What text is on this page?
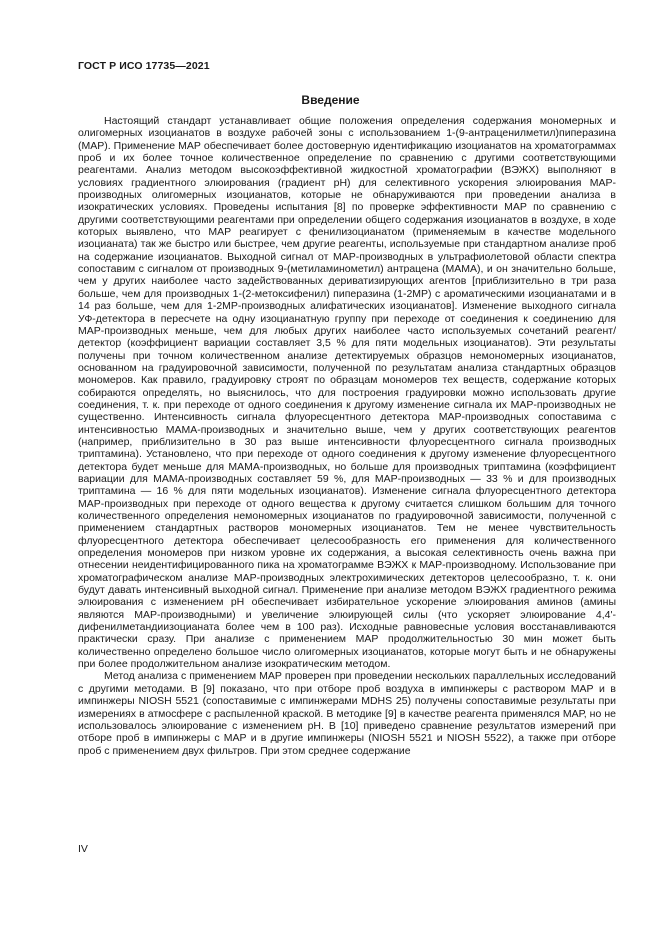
ГОСТ Р ИСО 17735—2021
Введение

Настоящий стандарт устанавливает общие положения определения содержания мономерных и олигомерных изоцианатов в воздухе рабочей зоны с использованием 1-(9-антраценилметил)пиперазина (МАР). Применение МАР обеспечивает более достоверную идентификацию изоцианатов на хроматограммах проб и их более точное количественное определение по сравнению с другими соответствующими реагентами. Анализ методом высокоэффективной жидкостной хроматографии (ВЭЖХ) выполняют в условиях градиентного элюирования (градиент рН) для селективного ускорения элюирования МАР-производных олигомерных изоцианатов, которые не обнаруживаются при проведении анализа в изократических условиях. Проведены испытания [8] по проверке эффективности МАР по сравнению с другими соответствующими реагентами при определении общего содержания изоцианатов в воздухе, в ходе которых выявлено, что МАР реагирует с фенилизоцианатом (применяемым в качестве модельного изоцианата) так же быстро или быстрее, чем другие реагенты, используемые при стандартном анализе проб на содержание изоцианатов. Выходной сигнал от МАР-производных в ультрафиолетовой области спектра сопоставим с сигналом от производных 9-(метиламинометил) антрацена (МАМА), и он значительно больше, чем у других наиболее часто задействованных дериватизирующих агентов [приблизительно в три раза больше, чем для производных 1-(2-метоксифенил) пиперазина (1-2МР) с ароматическими изоцианатами и в 14 раз больше, чем для 1-2МР-производных алифатических изоцианатов]. Изменение выходного сигнала УФ-детектора в пересчете на одну изоцианатную группу при переходе от соединения к соединению для МАР-производных меньше, чем для любых других наиболее часто используемых сочетаний реагент/детектор (коэффициент вариации составляет 3,5 % для пяти модельных изоцианатов). Эти результаты получены при точном количественном анализе детектируемых образцов немономерных изоцианатов, основанном на градуировочной зависимости, полученной по результатам анализа стандартных образцов мономеров. Как правило, градуировку строят по образцам мономеров тех веществ, содержание которых собираются определять, но выяснилось, что для построения градуировки можно использовать другие соединения, т. к. при переходе от одного соединения к другому изменение сигнала их МАР-производных не существенно. Интенсивность сигнала флуоресцентного детектора МАР-производных сопоставима с интенсивностью МАМА-производных и значительно выше, чем у других соответствующих реагентов (например, приблизительно в 30 раз выше интенсивности флуоресцентного сигнала производных триптамина). Установлено, что при переходе от одного соединения к другому изменение флуоресцентного детектора будет меньше для МАМА-производных, но больше для производных триптамина (коэффициент вариации для МАМА-производных составляет 59 %, для МАР-производных — 33 % и для производных триптамина — 16 % для пяти модельных изоцианатов). Изменение сигнала флуоресцентного детектора МАР-производных при переходе от одного вещества к другому считается слишком большим для точного количественного определения немономерных изоцианатов по градуировочной зависимости, полученной с применением стандартных растворов мономерных изоцианатов. Тем не менее чувствительность флуоресцентного детектора обеспечивает целесообразность его применения для количественного определения мономеров при низком уровне их содержания, а высокая селективность очень важна при отнесении неидентифицированного пика на хроматограмме ВЭЖХ к МАР-производному. Использование при хроматографическом анализе МАР-производных электрохимических детекторов целесообразно, т. к. они будут давать интенсивный выходной сигнал. Применение при анализе методом ВЭЖХ градиентного режима элюирования с изменением рН обеспечивает избирательное ускорение элюирования аминов (амины являются МАР-производными) и увеличение элюирующей силы (что ускоряет элюирование 4,4'-дифенилметандиизоцианата более чем в 100 раз). Исходные равновесные условия восстанавливаются практически сразу. При анализе с применением МАР продолжительностью 30 мин может быть количественно определено большое число олигомерных изоцианатов, которые могут быть и не обнаружены при более продолжительном анализе изократическим методом.

Метод анализа с применением МАР проверен при проведении нескольких параллельных исследований с другими методами. В [9] показано, что при отборе проб воздуха в импинжеры с раствором МАР и в импинжеры NIOSH 5521 (сопоставимые с импинжерами MDHS 25) получены сопоставимые результаты при измерениях в атмосфере с распыленной краской. В методике [9] в качестве реагента применялся МАР, но не использовалось элюирование с изменением рН. В [10] приведено сравнение результатов измерений при отборе проб в импинжеры с МАР и в другие импинжеры (NIOSH 5521 и NIOSH 5522), а также при отборе проб с применением двух фильтров. При этом среднее содержание

IV
